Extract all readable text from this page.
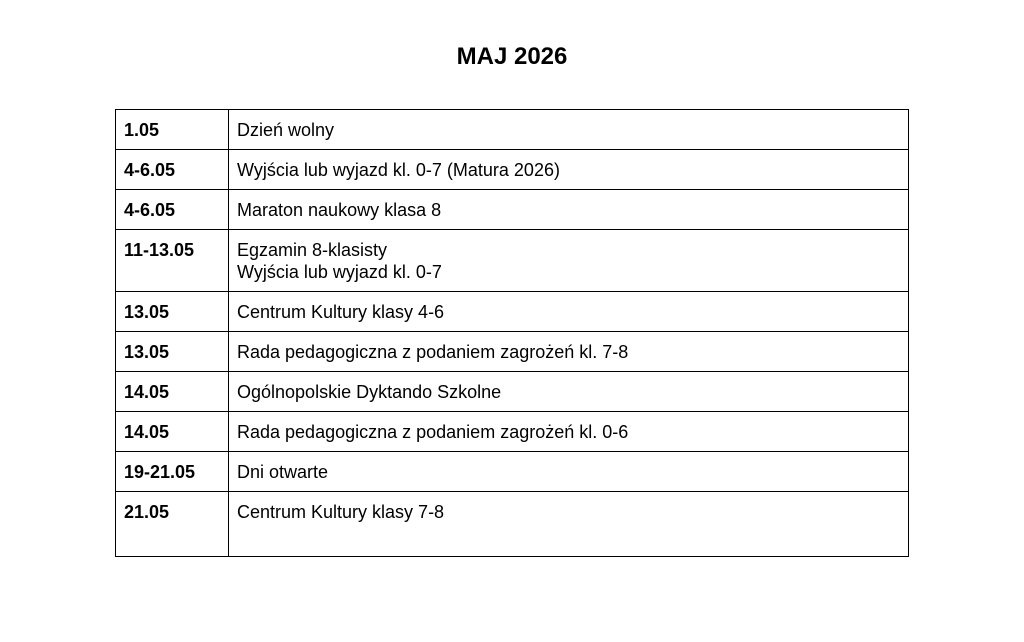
MAJ 2026
1.05	Dzień wolny

4-6.05	Wyjścia lub wyjazd kl. 0-7 (Matura 2026)

4-6.05	Maraton naukowy klasa 8

11-13.05	Egzamin 8-klasisty
Wyjścia lub wyjazd kl. 0-7

13.05	Centrum Kultury klasy 4-6

13.05	Rada pedagogiczna z podaniem zagrożeń kl. 7-8

14.05	Ogólnopolskie Dyktando Szkolne

14.05	Rada pedagogiczna z podaniem zagrożeń kl. 0-6

19-21.05	Dni otwarte

21.05	Centrum Kultury klasy 7-8
